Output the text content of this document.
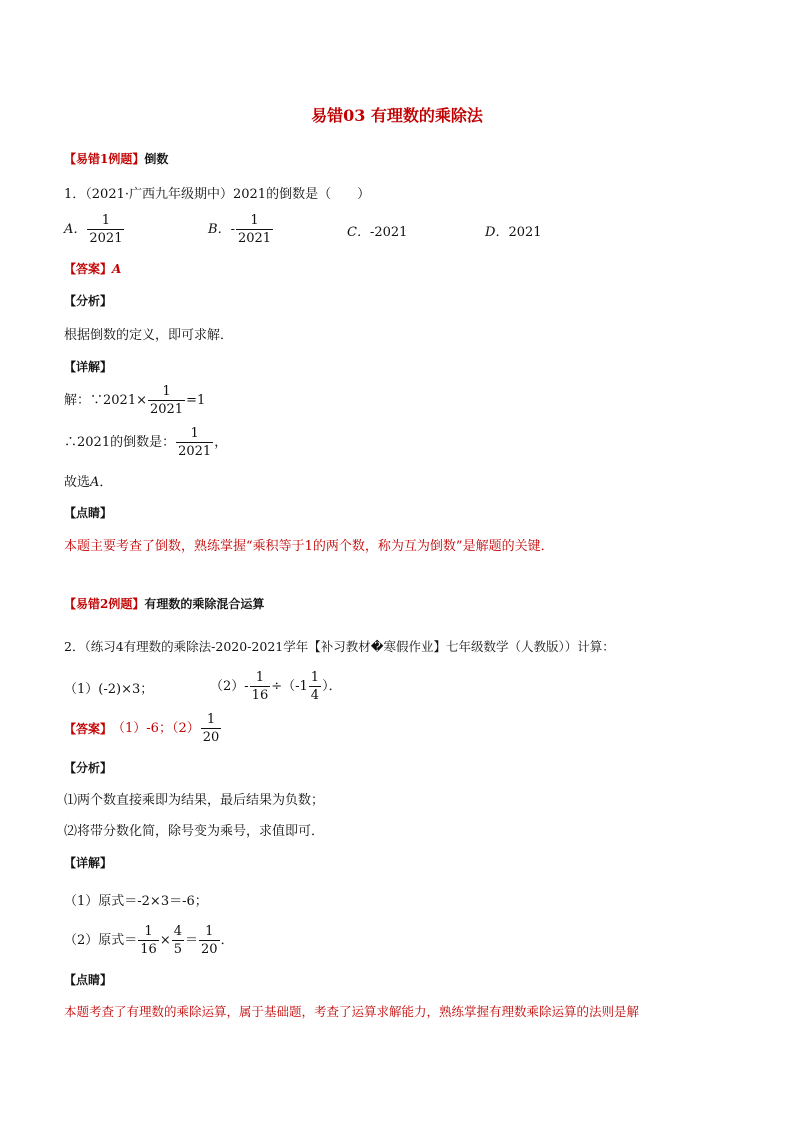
易错03 有理数的乘除法
【易错1例题】倒数
1．（2021·广西九年级期中）2021的倒数是（　　）
A． $\frac{1}{2021}$	B． - $\frac{1}{2021}$	C．-2021	D．2021
【答案】A
【分析】
根据倒数的定义，即可求解．
【详解】
解：∵2021× $\frac{1}{2021} =1$
∴2021的倒数是： $\frac{1}{2021}$ ，
故选A．
【点睛】
本题主要考查了倒数，熟练掌握“乘积等于1的两个数，称为互为倒数”是解题的关键．
【易错2例题】有理数的乘除混合运算
2．（练习4有理数的乘除法-2020-2021学年【补习教材�寒假作业】七年级数学（人教版））计算：
（1）(-2)×3；	$(2)- \frac{1}{16} \div(-1 \frac{1}{4}$ ）．
【答案】 （1）-6；$(2) \frac{1}{20}$
【分析】
⑴两个数直接乘即为结果，最后结果为负数；
⑵将带分数化简，除号变为乘号，求值即可．
【详解】
（1）原式＝-2×3＝-6；
（2）原式＝ $\frac{1}{16} \times \frac{4}{5} = \frac{1}{20}$ ．
【点睛】
本题考查了有理数的乘除运算，属于基础题，考查了运算求解能力，熟练掌握有理数乘除运算的法则是解
